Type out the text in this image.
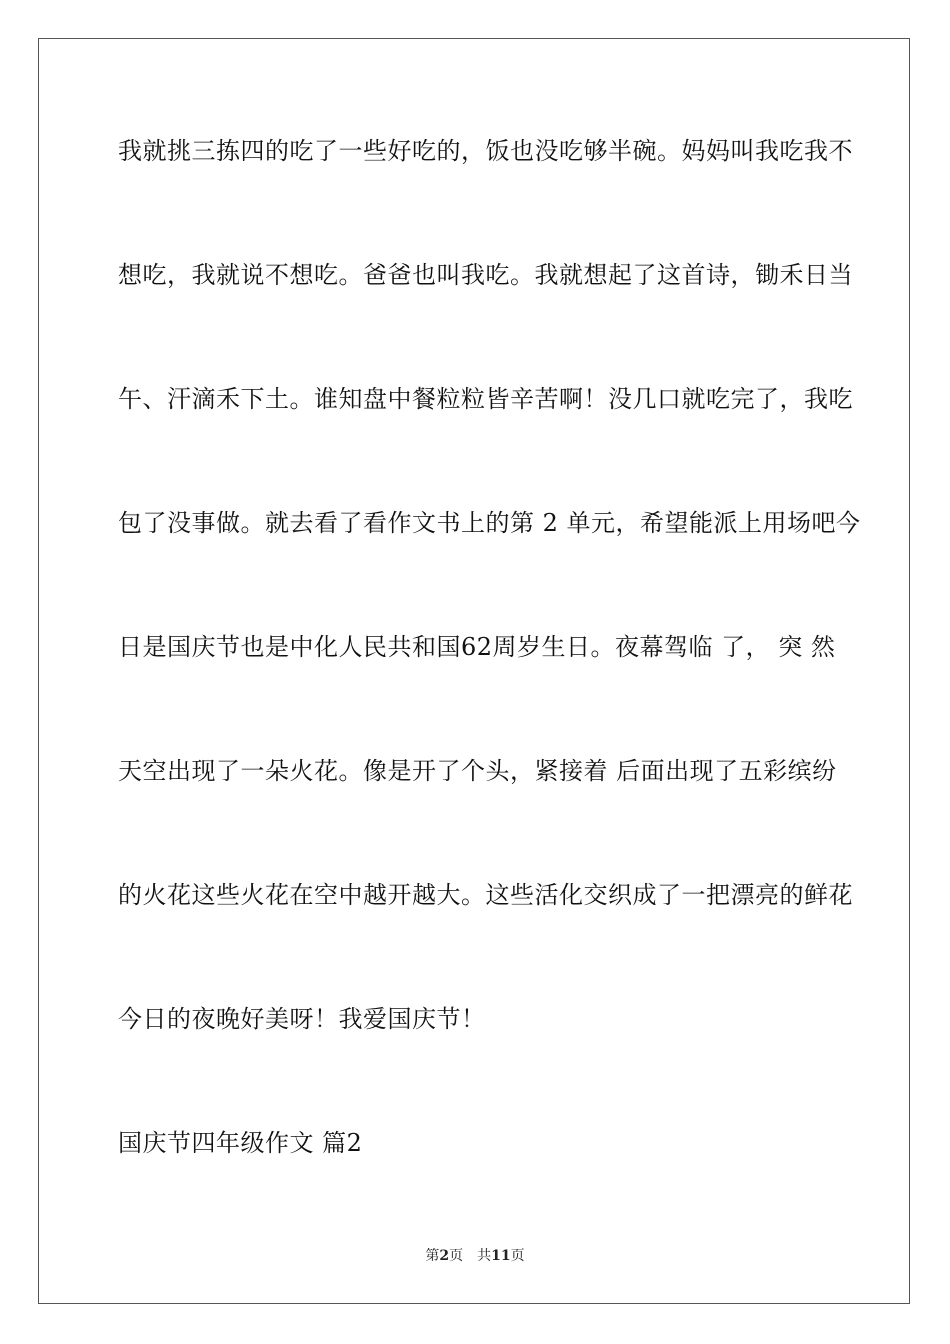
我就挑三拣四的吃了一些好吃的，饭也没吃够半碗。妈妈叫我吃我不
想吃，我就说不想吃。爸爸也叫我吃。我就想起了这首诗，锄禾日当
午、汗滴禾下土。谁知盘中餐粒粒皆辛苦啊！没几口就吃完了，我吃
包了没事做。就去看了看作文书上的第 2 单元，希望能派上用场吧今
日是国庆节也是中化人民共和国62周岁生日。夜幕驾临 了， 突 然
天空出现了一朵火花。像是开了个头，紧接着 后面出现了五彩缤纷
的火花这些火花在空中越开越大。这些活化交织成了一把漂亮的鲜花
今日的夜晚好美呀！我爱国庆节！
国庆节四年级作文 篇2
第2页 共11页
